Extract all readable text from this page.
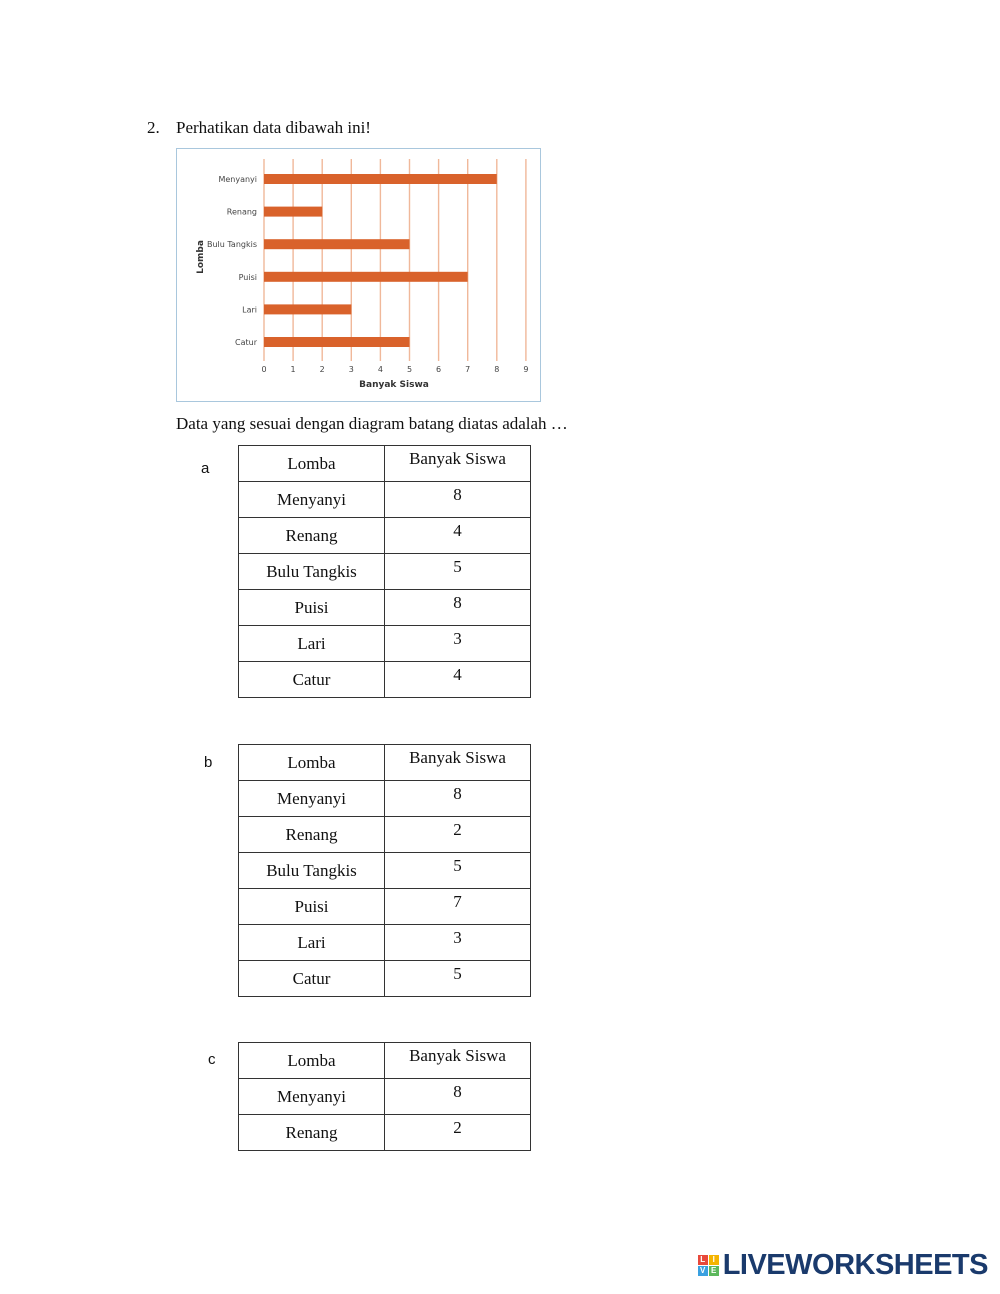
2. Perhatikan data dibawah ini!
Menyanyi
Renang
Bulu Tangkis
Puisi
Lari
Catur
0	1	2	3	4	5	6	7	8	9
Banyak Siswa
Lomba
Data yang sesuai dengan diagram batang diatas adalah …
a	Lomba	Banyak Siswa
Menyanyi	8
Renang	4
Bulu Tangkis	5
Puisi	8
Lari	3
Catur	4
b	Lomba	Banyak Siswa
Menyanyi	8
Renang	2
Bulu Tangkis	5
Puisi	7
Lari	3
Catur	5
c	Lomba	Banyak Siswa
Menyanyi	8
Renang	2
L I
V E LIVEWORKSHEETS
